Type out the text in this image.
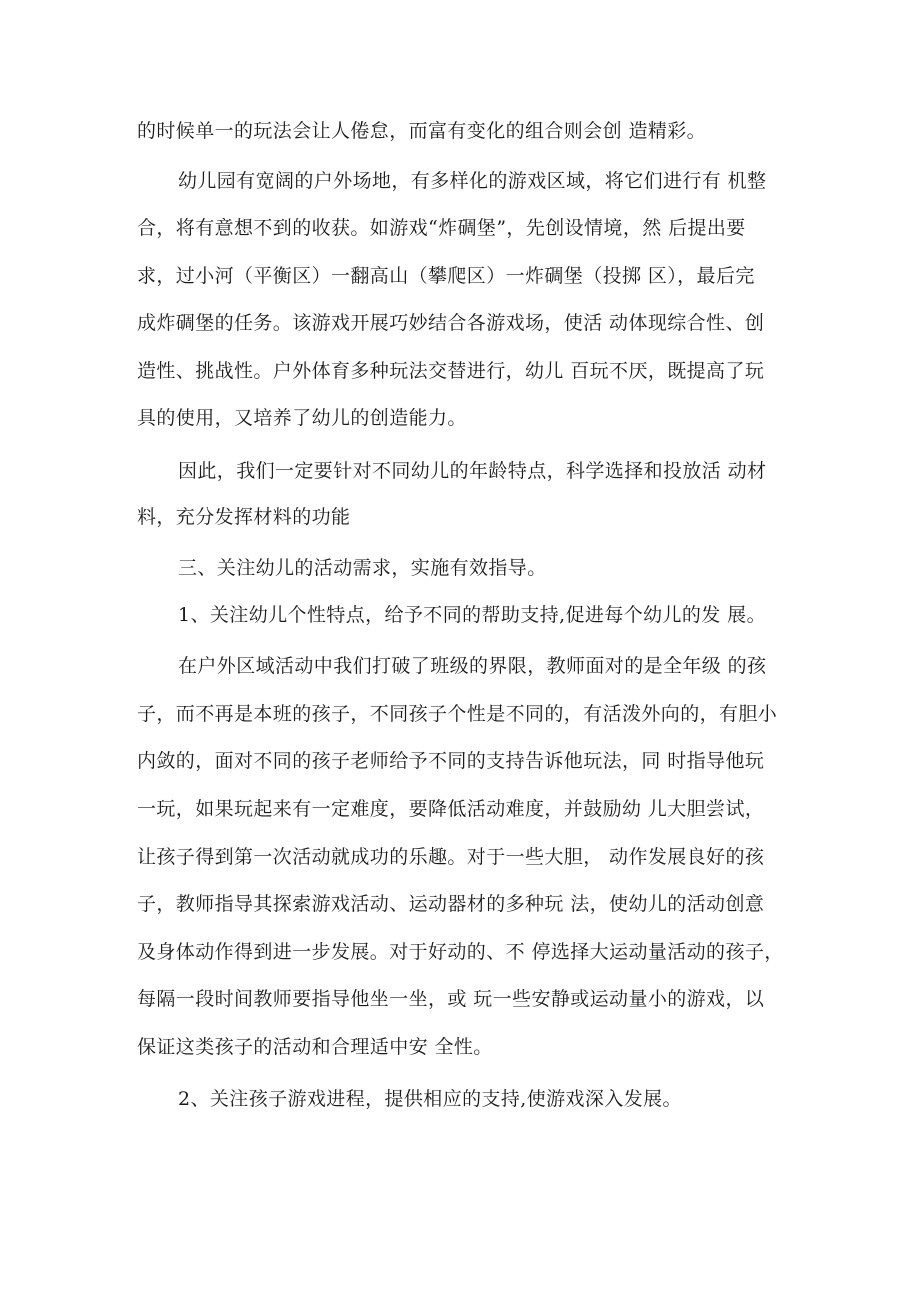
的时候单一的玩法会让人倦怠，而富有变化的组合则会创 造精彩。
幼儿园有宽阔的户外场地，有多样化的游戏区域，将它们进行有 机整
合，将有意想不到的收获。如游戏“炸碉堡”，先创设情境，然 后提出要
求，过小河（平衡区）一翻高山（攀爬区）一炸碉堡（投掷 区），最后完
成炸碉堡的任务。该游戏开展巧妙结合各游戏场，使活 动体现综合性、创
造性、挑战性。户外体育多种玩法交替进行，幼儿 百玩不厌，既提高了玩
具的使用，又培养了幼儿的创造能力。
因此，我们一定要针对不同幼儿的年龄特点，科学选择和投放活 动材
料，充分发挥材料的功能
三、关注幼儿的活动需求，实施有效指导。
1、关注幼儿个性特点，给予不同的帮助支持,促进每个幼儿的发 展。
在户外区域活动中我们打破了班级的界限，教师面对的是全年级 的孩
子，而不再是本班的孩子，不同孩子个性是不同的，有活泼外向的，有胆小
内敛的，面对不同的孩子老师给予不同的支持告诉他玩法，同 时指导他玩
一玩，如果玩起来有一定难度，要降低活动难度，并鼓励幼 儿大胆尝试，
让孩子得到第一次活动就成功的乐趣。对于一些大胆， 动作发展良好的孩
子，教师指导其探索游戏活动、运动器材的多种玩 法，使幼儿的活动创意
及身体动作得到进一步发展。对于好动的、不 停选择大运动量活动的孩子，
每隔一段时间教师要指导他坐一坐，或 玩一些安静或运动量小的游戏，以
保证这类孩子的活动和合理适中安 全性。
2、关注孩子游戏进程，提供相应的支持,使游戏深入发展。
